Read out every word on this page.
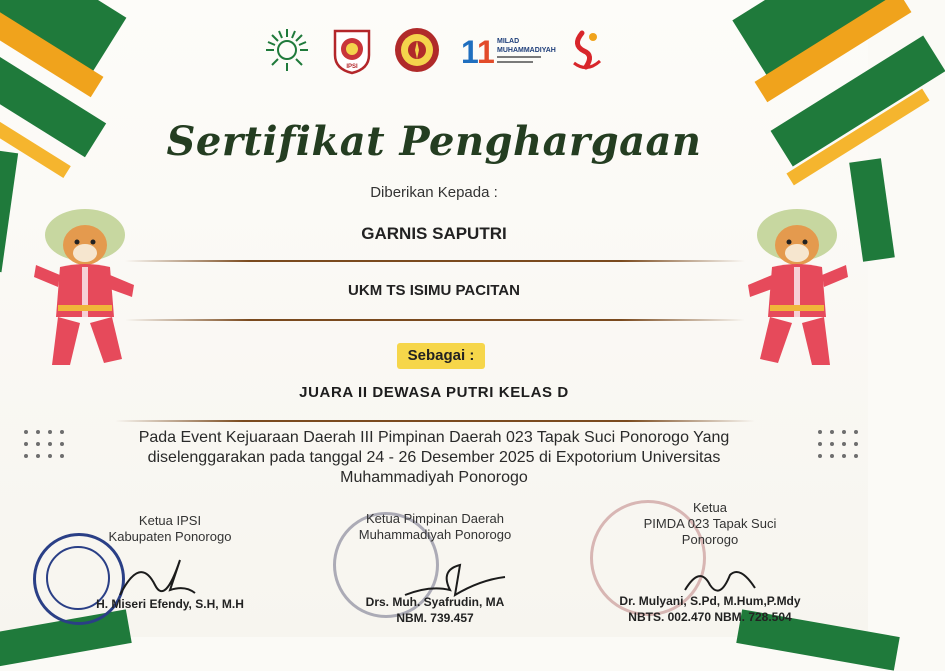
IPSI	1
1 MILAD
MUHAMMADIYAH
Sertifikat Penghargaan
Diberikan Kepada :
GARNIS SAPUTRI
UKM TS ISIMU PACITAN
Sebagai :
JUARA II DEWASA PUTRI KELAS D
Pada Event Kejuaraan Daerah III Pimpinan Daerah 023 Tapak Suci Ponorogo Yang diselenggarakan pada tanggal 24 - 26 Desember 2025 di Expotorium Universitas Muhammadiyah Ponorogo
Ketua IPSI
Kabupaten Ponorogo
H. Miseri Efendy, S.H, M.H
Ketua Pimpinan Daerah
Muhammadiyah Ponorogo
Drs. Muh. Syafrudin, MA
NBM. 739.457
Ketua
PIMDA 023 Tapak Suci
Ponorogo
Dr. Mulyani, S.Pd, M.Hum,P.Mdy
NBTS. 002.470 NBM. 728.504
